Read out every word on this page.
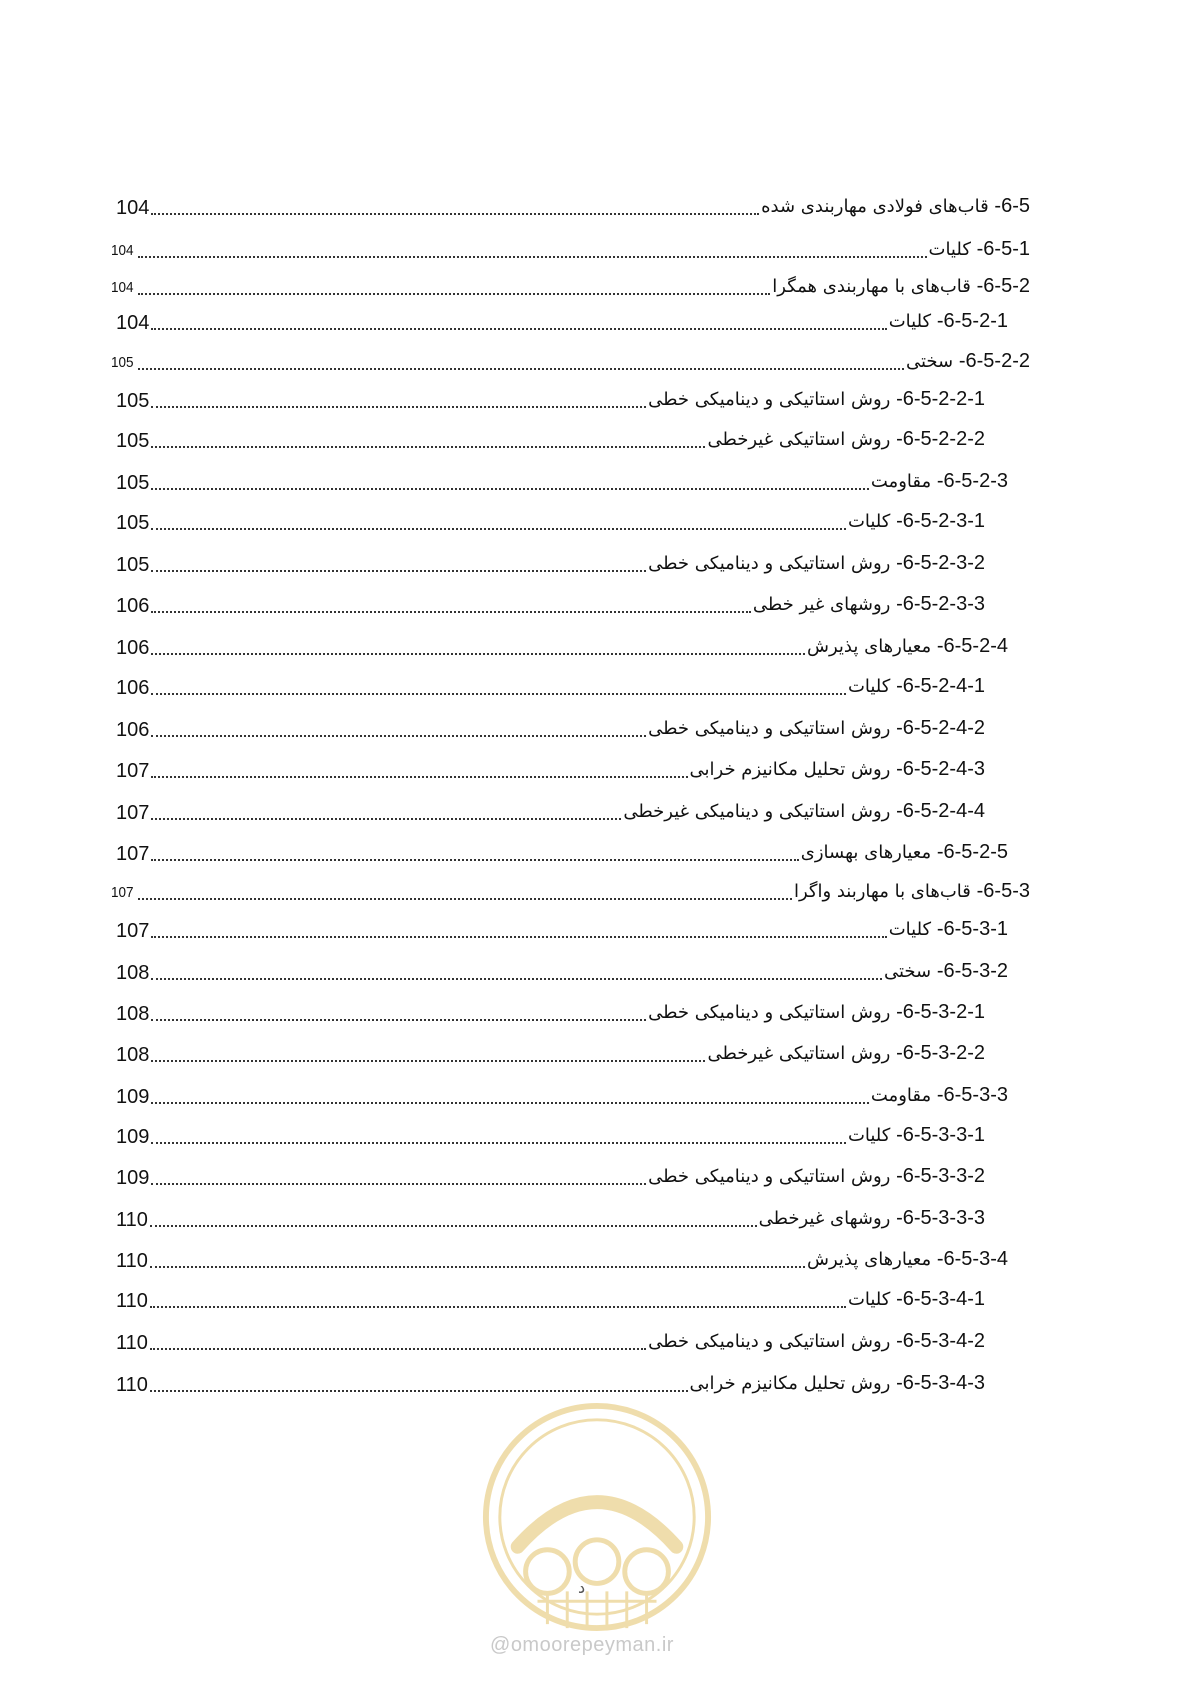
104	6-5- قاب‌های فولادی مهاربندی شده
104	6-5-1- کلیات
104	6-5-2- قاب‌های با مهاربندی همگرا
104	6-5-2-1- کلیات
105	6-5-2-2- سختی
105	6-5-2-2-1- روش استاتیکی و دینامیکی خطی
105	6-5-2-2-2- روش استاتیکی غیرخطی
105	6-5-2-3- مقاومت
105	6-5-2-3-1- کلیات
105	6-5-2-3-2- روش استاتیکی و دینامیکی خطی
106	6-5-2-3-3- روشهای غیر خطی
106	6-5-2-4- معیارهای پذیرش
106	6-5-2-4-1- کلیات
106	6-5-2-4-2- روش استاتیکی و دینامیکی خطی
107	6-5-2-4-3- روش تحلیل مکانیزم خرابی
107	6-5-2-4-4- روش استاتیکی و دینامیکی غیرخطی
107	6-5-2-5- معیارهای بهسازی
107	6-5-3- قاب‌های با مهاربند واگرا
107	6-5-3-1- کلیات
108	6-5-3-2- سختی
108	6-5-3-2-1- روش استاتیکی و دینامیکی خطی
108	6-5-3-2-2- روش استاتیکی غیرخطی
109	6-5-3-3- مقاومت
109	6-5-3-3-1- کلیات
109	6-5-3-3-2- روش استاتیکی و دینامیکی خطی
110	6-5-3-3-3- روشهای غیرخطی
110	6-5-3-4- معیارهای پذیرش
110	6-5-3-4-1- کلیات
110	6-5-3-4-2- روش استاتیکی و دینامیکی خطی
110	6-5-3-4-3- روش تحلیل مکانیزم خرابی
د
@omoorepeyman.ir
